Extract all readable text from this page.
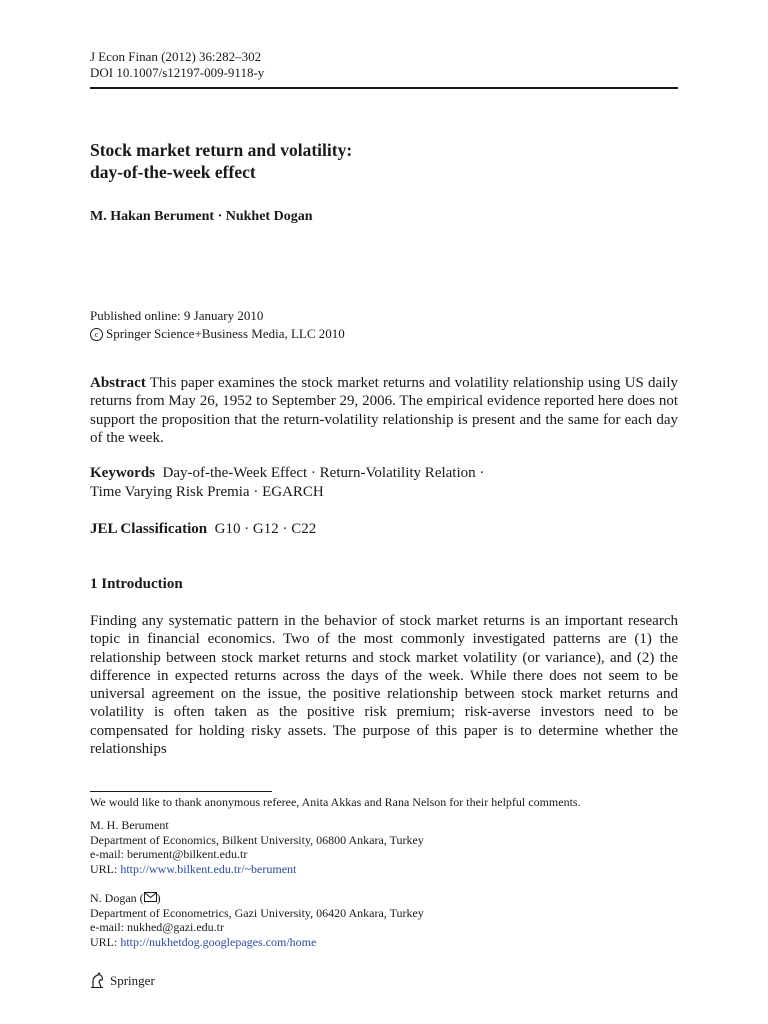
J Econ Finan (2012) 36:282–302
DOI 10.1007/s12197-009-9118-y
Stock market return and volatility:
day-of-the-week effect
M. Hakan Berument · Nukhet Dogan
Published online: 9 January 2010
c Springer Science+Business Media, LLC 2010
Abstract This paper examines the stock market returns and volatility relationship using US daily returns from May 26, 1952 to September 29, 2006. The empirical evidence reported here does not support the proposition that the return-volatility relationship is present and the same for each day of the week.
Keywords Day-of-the-Week Effect · Return-Volatility Relation ·
Time Varying Risk Premia · EGARCH
JEL Classification G10 · G12 · C22
1 Introduction
Finding any systematic pattern in the behavior of stock market returns is an important research topic in financial economics. Two of the most commonly investigated patterns are (1) the relationship between stock market returns and stock market volatility (or variance), and (2) the difference in expected returns across the days of the week. While there does not seem to be universal agreement on the issue, the positive relationship between stock market returns and volatility is often taken as the positive risk premium; risk-averse investors need to be compensated for holding risky assets. The purpose of this paper is to determine whether the relationships
We would like to thank anonymous referee, Anita Akkas and Rana Nelson for their helpful comments.
M. H. Berument
Department of Economics, Bilkent University, 06800 Ankara, Turkey
e-mail: berument@bilkent.edu.tr
URL: http://www.bilkent.edu.tr/~berument
N. Dogan ( )
Department of Econometrics, Gazi University, 06420 Ankara, Turkey
e-mail: nukhed@gazi.edu.tr
URL: http://nukhetdog.googlepages.com/home
Springer
